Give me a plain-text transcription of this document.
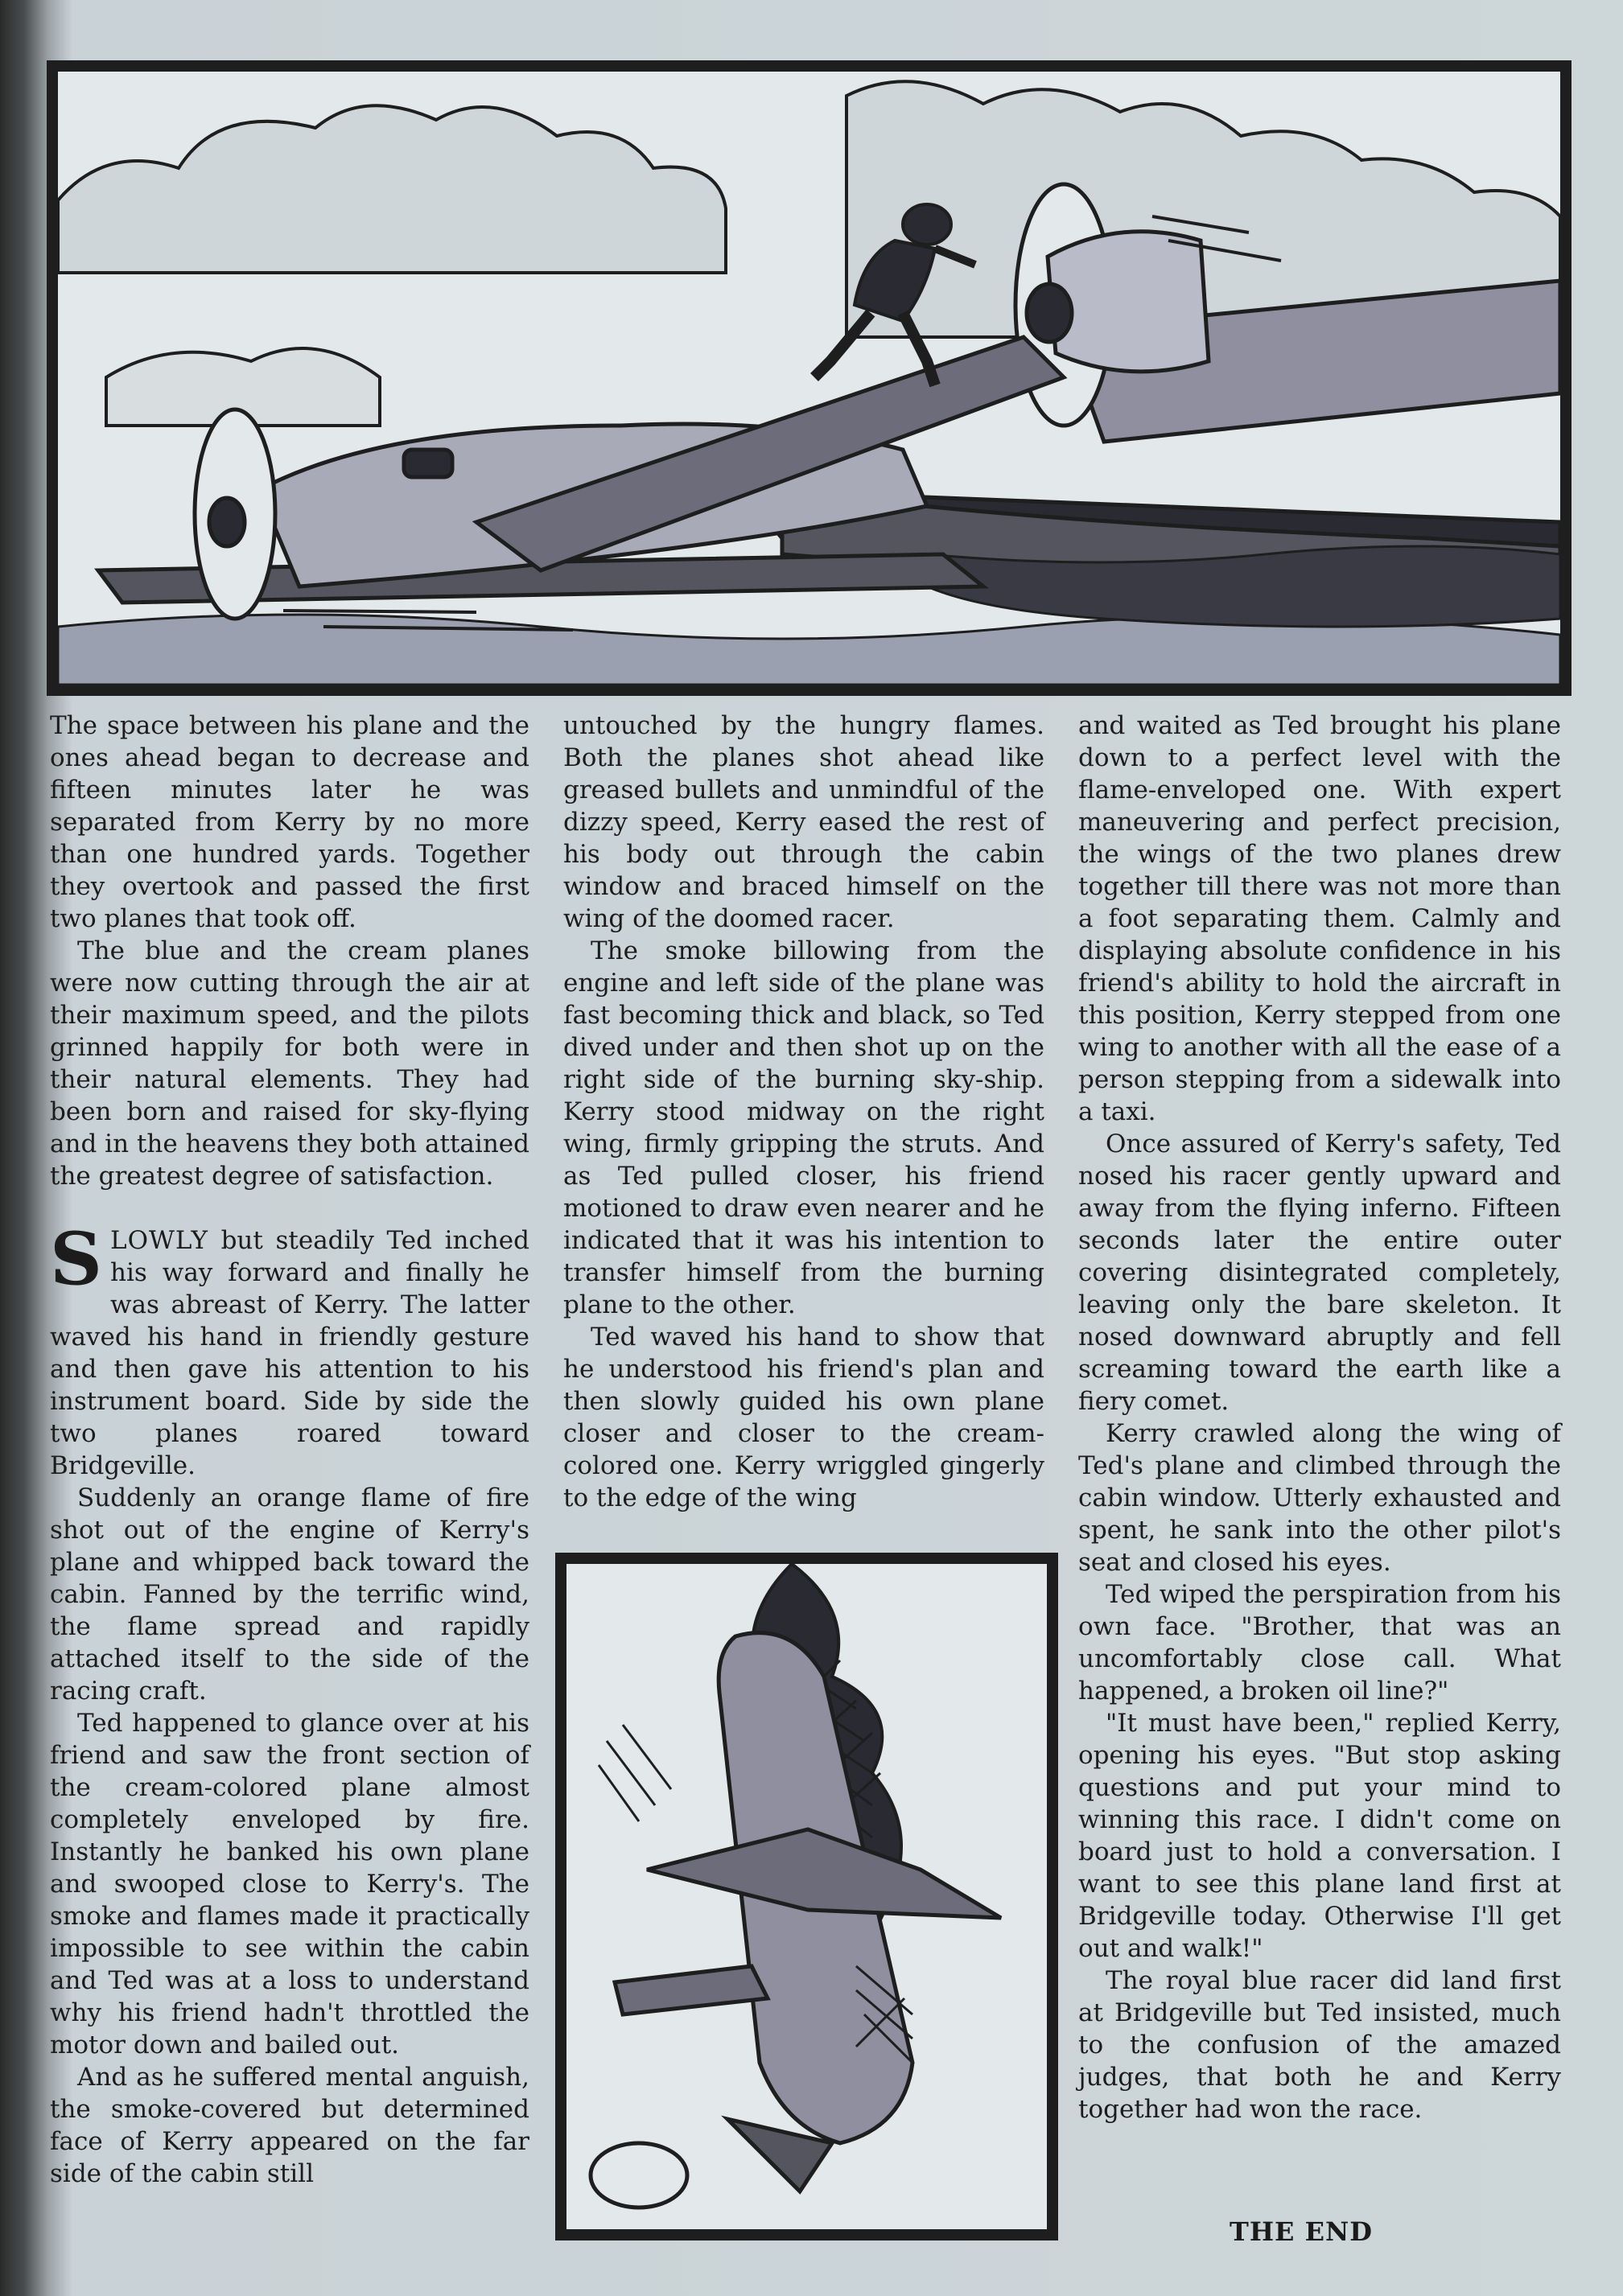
The space between his plane and the ones ahead began to decrease and fifteen minutes later he was separated from Kerry by no more than one hundred yards. Together they overtook and passed the first two planes that took off.

The blue and the cream planes were now cutting through the air at their maximum speed, and the pilots grinned happily for both were in their natural elements. They had been born and raised for sky-flying and in the heavens they both attained the greatest degree of satisfaction.

SLOWLY but steadily Ted inched his way forward and finally he was abreast of Kerry. The latter waved his hand in friendly gesture and then gave his attention to his instrument board. Side by side the two planes roared toward Bridgeville.

Suddenly an orange flame of fire shot out of the engine of Kerry's plane and whipped back toward the cabin. Fanned by the terrific wind, the flame spread and rapidly attached itself to the side of the racing craft.

Ted happened to glance over at his friend and saw the front section of the cream-colored plane almost completely enveloped by fire. Instantly he banked his own plane and swooped close to Kerry's. The smoke and flames made it practically impossible to see within the cabin and Ted was at a loss to understand why his friend hadn't throttled the motor down and bailed out.

And as he suffered mental anguish, the smoke-covered but determined face of Kerry appeared on the far side of the cabin still

untouched by the hungry flames. Both the planes shot ahead like greased bullets and unmindful of the dizzy speed, Kerry eased the rest of his body out through the cabin window and braced himself on the wing of the doomed racer.

The smoke billowing from the engine and left side of the plane was fast becoming thick and black, so Ted dived under and then shot up on the right side of the burning sky-ship. Kerry stood midway on the right wing, firmly gripping the struts. And as Ted pulled closer, his friend motioned to draw even nearer and he indicated that it was his intention to transfer himself from the burning plane to the other.

Ted waved his hand to show that he understood his friend's plan and then slowly guided his own plane closer and closer to the cream-colored one. Kerry wriggled gingerly to the edge of the wing

and waited as Ted brought his plane down to a perfect level with the flame-enveloped one. With expert maneuvering and perfect precision, the wings of the two planes drew together till there was not more than a foot separating them. Calmly and displaying absolute confidence in his friend's ability to hold the aircraft in this position, Kerry stepped from one wing to another with all the ease of a person stepping from a sidewalk into a taxi.

Once assured of Kerry's safety, Ted nosed his racer gently upward and away from the flying inferno. Fifteen seconds later the entire outer covering disintegrated completely, leaving only the bare skeleton. It nosed downward abruptly and fell screaming toward the earth like a fiery comet.

Kerry crawled along the wing of Ted's plane and climbed through the cabin window. Utterly exhausted and spent, he sank into the other pilot's seat and closed his eyes.

Ted wiped the perspiration from his own face. "Brother, that was an uncomfortably close call. What happened, a broken oil line?"

"It must have been," replied Kerry, opening his eyes. "But stop asking questions and put your mind to winning this race. I didn't come on board just to hold a conversation. I want to see this plane land first at Bridgeville today. Otherwise I'll get out and walk!"

The royal blue racer did land first at Bridgeville but Ted insisted, much to the confusion of the amazed judges, that both he and Kerry together had won the race.

THE END
